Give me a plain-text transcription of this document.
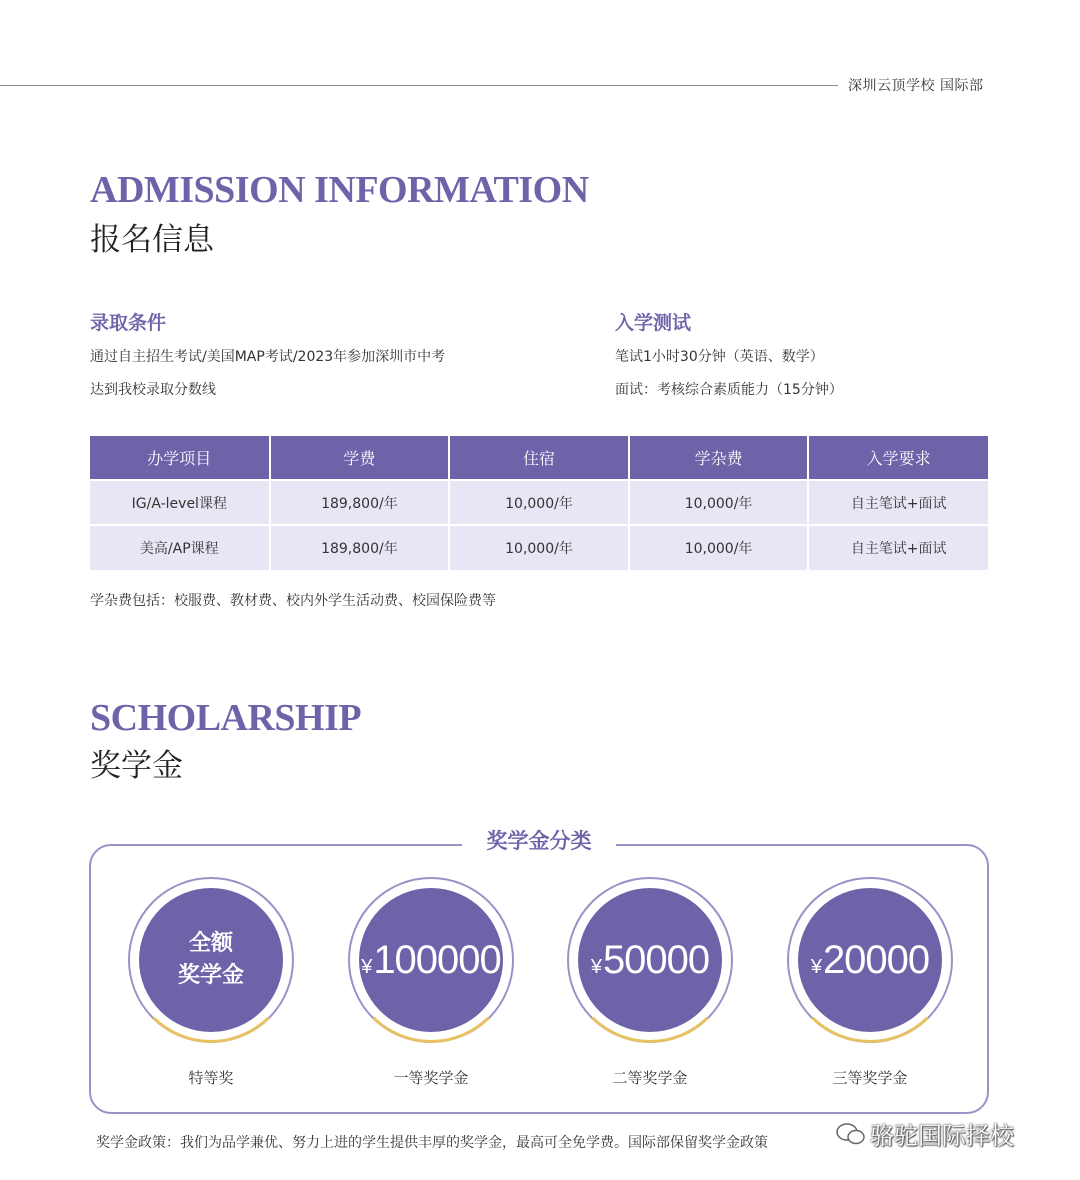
深圳云顶学校 国际部
ADMISSION INFORMATION
报名信息
录取条件
通过自主招生考试/美国MAP考试/2023年参加深圳市中考
达到我校录取分数线
入学测试
笔试1小时30分钟（英语、数学）
面试：考核综合素质能力（15分钟）
办学项目	学费	住宿	学杂费	入学要求
IG/A-level课程	189,800/年	10,000/年	10,000/年	自主笔试+面试
美高/AP课程	189,800/年	10,000/年	10,000/年	自主笔试+面试
学杂费包括：校服费、教材费、校内外学生活动费、校园保险费等
SCHOLARSHIP
奖学金
奖学金分类
全额
奖学金
特等奖
¥100000
一等奖学金
¥50000
二等奖学金
¥20000
三等奖学金
奖学金政策：我们为品学兼优、努力上进的学生提供丰厚的奖学金，最高可全免学费。国际部保留奖学金政策	骆驼国际择校
